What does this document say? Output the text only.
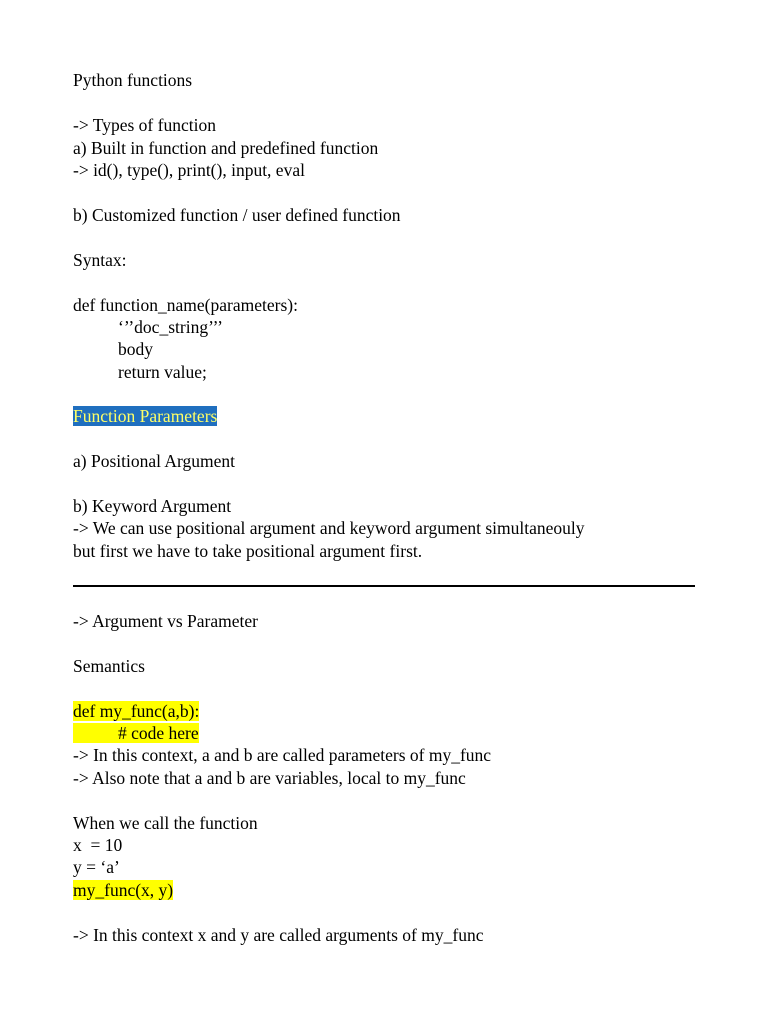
Python functions
-> Types of function
a) Built in function and predefined function
-> id(), type(), print(), input, eval
b) Customized function / user defined function
Syntax:
def function_name(parameters):
‘’’doc_string’’’
body
return value;
Function Parameters
a) Positional Argument
b) Keyword Argument
-> We can use positional argument and keyword argument simultaneouly
but first we have to take positional argument first.
-> Argument vs Parameter
Semantics
def my_func(a,b):
# code here
-> In this context, a and b are called parameters of my_func
-> Also note that a and b are variables, local to my_func
When we call the function
x  = 10
y = ‘a’
my_func(x, y)
-> In this context x and y are called arguments of my_func
